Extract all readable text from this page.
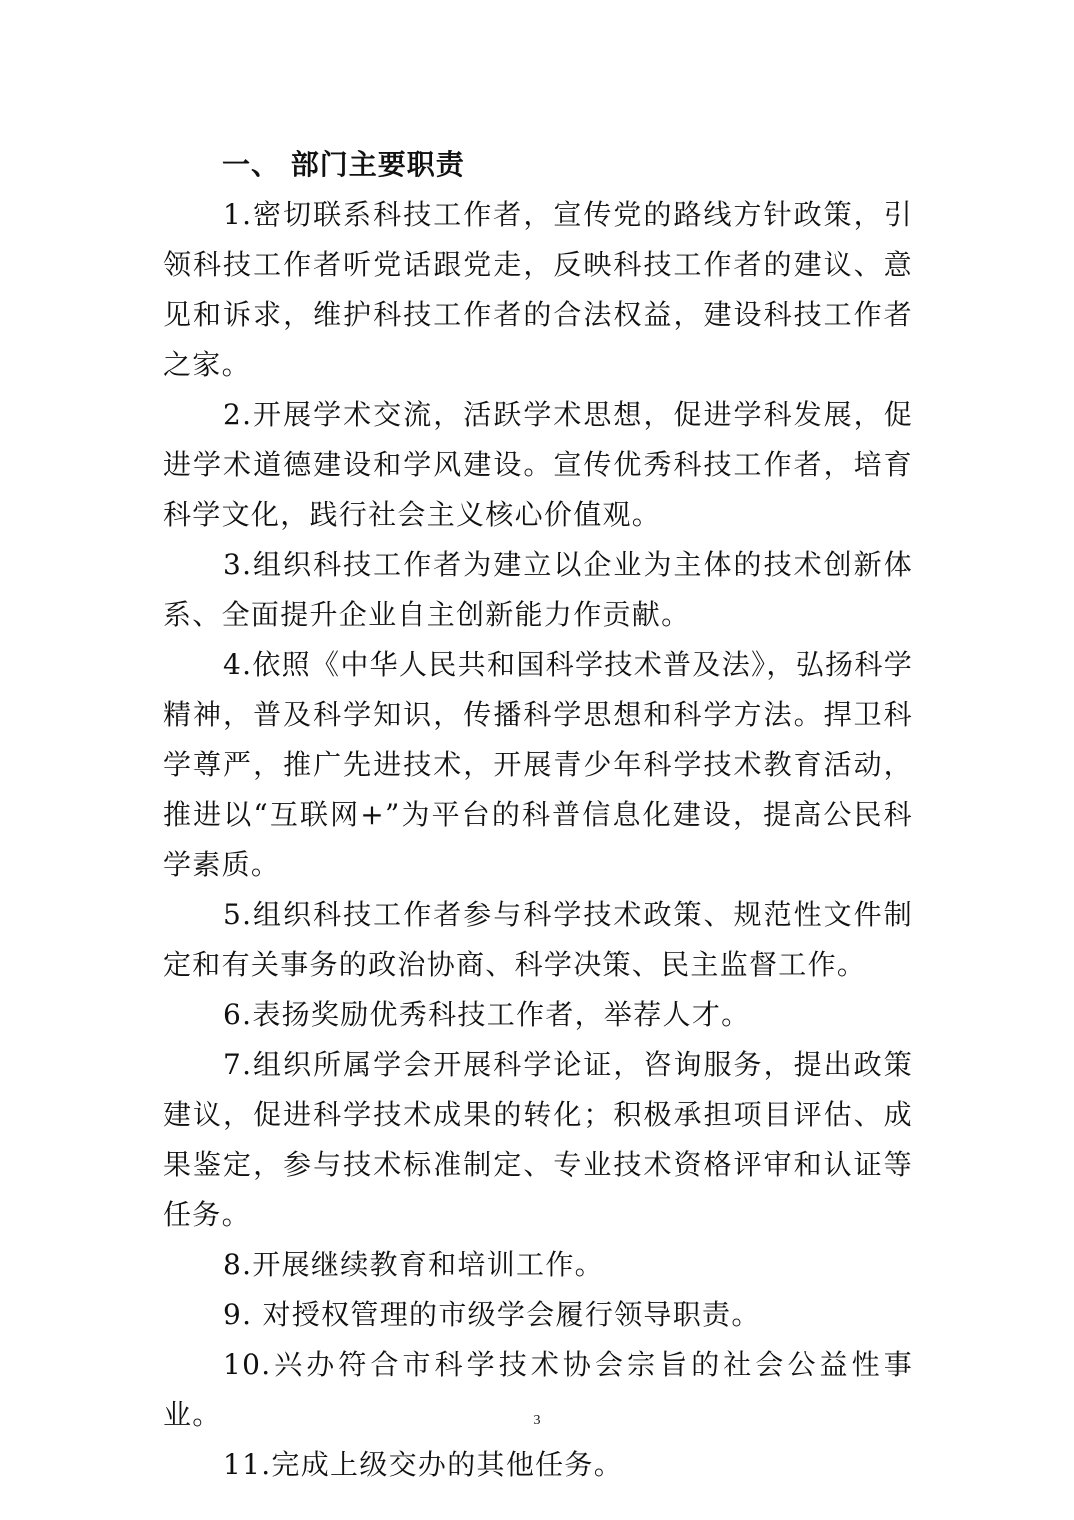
一、 部门主要职责

1.密切联系科技工作者，宣传党的路线方针政策，引领科技工作者听党话跟党走，反映科技工作者的建议、意见和诉求，维护科技工作者的合法权益，建设科技工作者之家。

2.开展学术交流，活跃学术思想，促进学科发展，促进学术道德建设和学风建设。宣传优秀科技工作者，培育科学文化，践行社会主义核心价值观。

3.组织科技工作者为建立以企业为主体的技术创新体系、全面提升企业自主创新能力作贡献。

4.依照《中华人民共和国科学技术普及法》，弘扬科学精神，普及科学知识，传播科学思想和科学方法。捍卫科学尊严，推广先进技术，开展青少年科学技术教育活动，推进以“互联网+”为平台的科普信息化建设，提高公民科学素质。

5.组织科技工作者参与科学技术政策、规范性文件制定和有关事务的政治协商、科学决策、民主监督工作。

6.表扬奖励优秀科技工作者，举荐人才。

7.组织所属学会开展科学论证，咨询服务，提出政策建议，促进科学技术成果的转化；积极承担项目评估、成果鉴定，参与技术标准制定、专业技术资格评审和认证等任务。

8.开展继续教育和培训工作。

9. 对授权管理的市级学会履行领导职责。

10.兴办符合市科学技术协会宗旨的社会公益性事业。

11.完成上级交办的其他任务。

3
